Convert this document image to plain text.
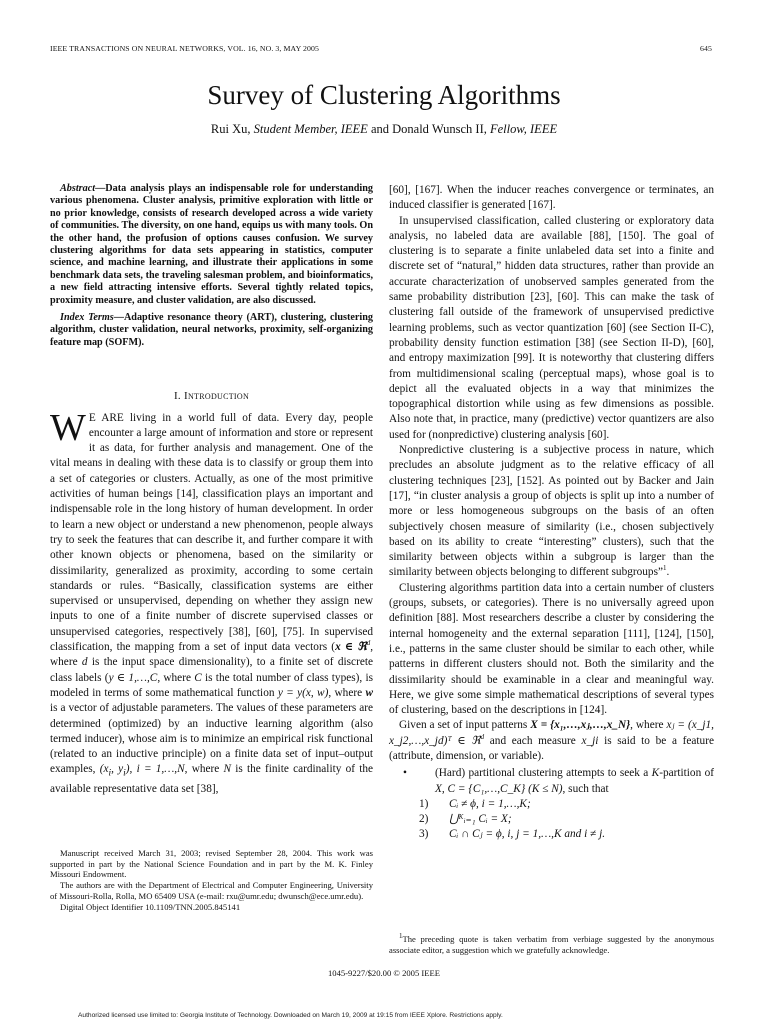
IEEE TRANSACTIONS ON NEURAL NETWORKS, VOL. 16, NO. 3, MAY 2005	645
Survey of Clustering Algorithms
Rui Xu, Student Member, IEEE and Donald Wunsch II, Fellow, IEEE

Abstract—Data analysis plays an indispensable role for understanding various phenomena. Cluster analysis, primitive exploration with little or no prior knowledge, consists of research developed across a wide variety of communities. The diversity, on one hand, equips us with many tools. On the other hand, the profusion of options causes confusion. We survey clustering algorithms for data sets appearing in statistics, computer science, and machine learning, and illustrate their applications in some benchmark data sets, the traveling salesman problem, and bioinformatics, a new field attracting intensive efforts. Several tightly related topics, proximity measure, and cluster validation, are also discussed.

Index Terms—Adaptive resonance theory (ART), clustering, clustering algorithm, cluster validation, neural networks, proximity, self-organizing feature map (SOFM).

I. Introduction

W E ARE living in a world full of data. Every day, people encounter a large amount of information and store or represent it as data, for further analysis and management. One of the vital means in dealing with these data is to classify or group them into a set of categories or clusters. Actually, as one of the most primitive activities of human beings [14], classification plays an important and indispensable role in the long history of human development. In order to learn a new object or understand a new phenomenon, people always try to seek the features that can describe it, and further compare it with other known objects or phenomena, based on the similarity or dissimilarity, generalized as proximity, according to some certain standards or rules. “Basically, classification systems are either supervised or unsupervised, depending on whether they assign new inputs to one of a finite number of discrete supervised classes or unsupervised categories, respectively [38], [60], [75]. In supervised classification, the mapping from a set of input data vectors (x ∈ ℜ$^d$, where d is the input space dimensionality), to a finite set of discrete class labels (y ∈ 1,…,C, where C is the total number of class types), is modeled in terms of some mathematical function y = y(x, w), where w is a vector of adjustable parameters. The values of these parameters are determined (optimized) by an inductive learning algorithm (also termed inducer), whose aim is to minimize an empirical risk functional (related to an inductive principle) on a finite data set of input–output examples, ($x_i$, $y_i$), i = 1,…,N, where N is the finite cardinality of the available representative data set [38],

Manuscript received March 31, 2003; revised September 28, 2004. This work was supported in part by the National Science Foundation and in part by the M. K. Finley Missouri Endowment.

The authors are with the Department of Electrical and Computer Engineering, University of Missouri-Rolla, Rolla, MO 65409 USA (e-mail: rxu@umr.edu; dwunsch@ece.umr.edu).

Digital Object Identifier 10.1109/TNN.2005.845141

[60], [167]. When the inducer reaches convergence or terminates, an induced classifier is generated [167].

In unsupervised classification, called clustering or exploratory data analysis, no labeled data are available [88], [150]. The goal of clustering is to separate a finite unlabeled data set into a finite and discrete set of “natural,” hidden data structures, rather than provide an accurate characterization of unobserved samples generated from the same probability distribution [23], [60]. This can make the task of clustering fall outside of the framework of unsupervised predictive learning problems, such as vector quantization [60] (see Section II-C), probability density function estimation [38] (see Section II-D), [60], and entropy maximization [99]. It is noteworthy that clustering differs from multidimensional scaling (perceptual maps), whose goal is to depict all the evaluated objects in a way that minimizes the topographical distortion while using as few dimensions as possible. Also note that, in practice, many (predictive) vector quantizers are also used for (nonpredictive) clustering analysis [60].

Nonpredictive clustering is a subjective process in nature, which precludes an absolute judgment as to the relative efficacy of all clustering techniques [23], [152]. As pointed out by Backer and Jain [17], “in cluster analysis a group of objects is split up into a number of more or less homogeneous subgroups on the basis of an often subjectively chosen measure of similarity (i.e., chosen subjectively based on its ability to create “interesting” clusters), such that the similarity between objects within a subgroup is larger than the similarity between objects belonging to different subgroups”$^1$.

Clustering algorithms partition data into a certain number of clusters (groups, subsets, or categories). There is no universally agreed upon definition [88]. Most researchers describe a cluster by considering the internal homogeneity and the external separation [111], [124], [150], i.e., patterns in the same cluster should be similar to each other, while patterns in different clusters should not. Both the similarity and the dissimilarity should be examinable in a clear and meaningful way. Here, we give some simple mathematical descriptions of several types of clustering, based on the descriptions in [124].

Given a set of input patterns X = {x₁,…,xⱼ,…,x_N}, where xⱼ = (x_j1, x_j2,…,x_jd)ᵀ ∈ ℜ$^d$ and each measure x_ji is said to be a feature (attribute, dimension, or variable).

•	(Hard) partitional clustering attempts to seek a K-partition of X, C = {C₁,…,C_K} (K ≤ N), such that
1)	Cᵢ ≠ ϕ, i = 1,…,K;
2)	⋃ᴷᵢ₌₁ Cᵢ = X;
3)	Cᵢ ∩ Cⱼ = ϕ, i, j = 1,…,K and i ≠ j.

$^1$The preceding quote is taken verbatim from verbiage suggested by the anonymous associate editor, a suggestion which we gratefully acknowledge.

1045-9227/$20.00 © 2005 IEEE
Authorized licensed use limited to: Georgia Institute of Technology. Downloaded on March 19, 2009 at 19:15 from IEEE Xplore. Restrictions apply.
